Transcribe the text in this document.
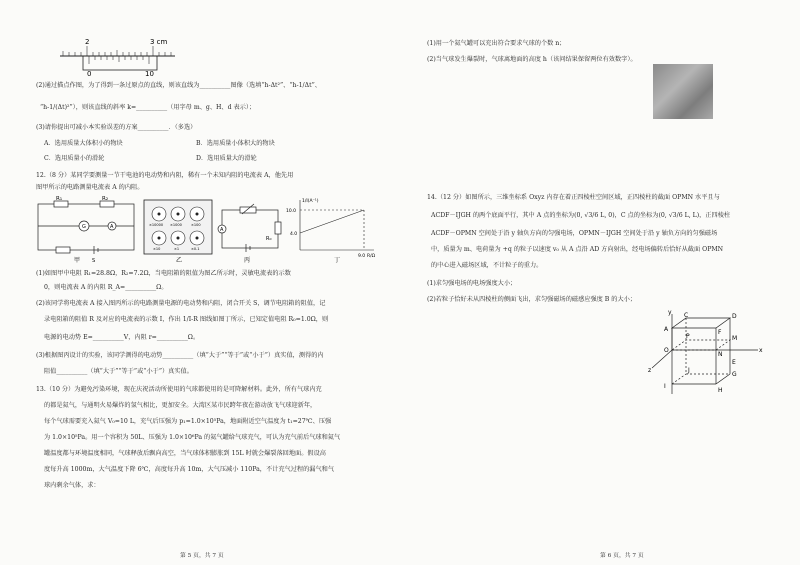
2	3 cm
0	10
(2)通过描点作图，为了得到一条过原点的直线，则该直线为__________图像（选填“h-Δt²”、“h-1/Δt”、
“h-1/(Δt)²”），则该直线的斜率 k=__________（用字母 m、g、H、d 表示）；
(3)请你提出可减小本实验误差的方案__________．（多选）
A．选用质量大体积小的物块	B．选用质量小体积大的物块
C．选用质量小的滑轮	D．选用质量大的滑轮
12.（8 分）某同学要测量一节干电池的电动势和内阻，稀有一个未知内阻的电流表 A，他先用
图甲所示的电路测量电流表 A 的内阻。
R₁	R₂
G	A
S
甲
×10000 ×1000	×100
×10	×1	×0.1
乙
A
R₀
丙
1/I(A⁻¹)
10.0
4.0
9.0 R/Ω
丁
(1)如图甲中电阻 R₁=28.8Ω，R₂=7.2Ω，当电阻箱的阻值为图乙所示时，灵敏电流表的示数
0，则电流表 A 的内阻 R_A=__________Ω。
(2)该同学将电流表 A 接入图丙所示的电路测量电源的电动势和内阻，闭合开关 S，调节电阻箱的阻值，记
录电阻箱的阻值 R 及对应的电流表的示数 I，作出 1/I-R 图线如图丁所示，已知定值电阻 R₀=1.0Ω，则
电源的电动势 E=__________V，内阻 r=__________Ω。
(3)根据图丙设计的实验，该同学测得的电动势__________（填“大于”“等于”或“小于”）真实值，测得的内
阻值__________（填“大于”“等于”或“小于”）真实值。
13.（10 分）为避免污染环境，现在庆祝活动所使用的气球都使用的是可降解材料。此外，所有气球内充
的都是氦气，与通明火易爆炸的氢气相比，更加安全。大湾区某市民跨年夜在游动放飞气球迎新年，
每个气球需要充入氦气 V₀=10 L，充气后压强为 p₁=1.0×10⁵Pa，地面附近空气温度为 t₁=27℃、压强
为 1.0×10⁵Pa。用一个容积为 50L、压强为 1.0×10⁶Pa 的氦气罐给气球充气，可认为充气前后气球和氦气
罐温度都与环境温度相同，气球释放后飘向高空，当气球体积膨胀到 15L 时就会爆裂落回地面。假设高
度每升高 1000m，大气温度下降 6℃，高度每升高 10m，大气压减小 110Pa，不计充气过程的漏气和气
球内剩余气体，求：
第 5 页，共 7 页
(1)用一个氦气罐可以充出符合要求气球的个数 n；
(2)当气球发生爆裂时，气球离地面的高度 h（该问结果保留两位有效数字）。
14.（12 分）如图所示，三维坐标系 Oxyz 内存在着正四棱柱空间区域，正四棱柱的截面 OPMN 水平且与
ACDF－IJGH 的两个底面平行，其中 A 点的坐标为(0, √3/6 L, 0)，C 点的坐标为(0, √3/6 L, L)，正四棱柱
ACDF－OPMN 空间处于沿 y 轴负方向的匀强电场，OPMN－IJGH 空间处于沿 y 轴负方向的匀强磁场
中，质量为 m、电荷量为 +q 的粒子以速度 v₀ 从 A 点沿 AD 方向射出，经电场偏转后恰好从截面 OPMN
的中心进入磁场区域，不计粒子的重力。
(1)求匀强电场的电场强度大小；
(2)若粒子恰好未从四棱柱的侧面飞出，求匀强磁场的磁感应强度 B 的大小；
y C	D
A	F
O
P	M
N
x
z
E
G
I
J
H
第 6 页，共 7 页
